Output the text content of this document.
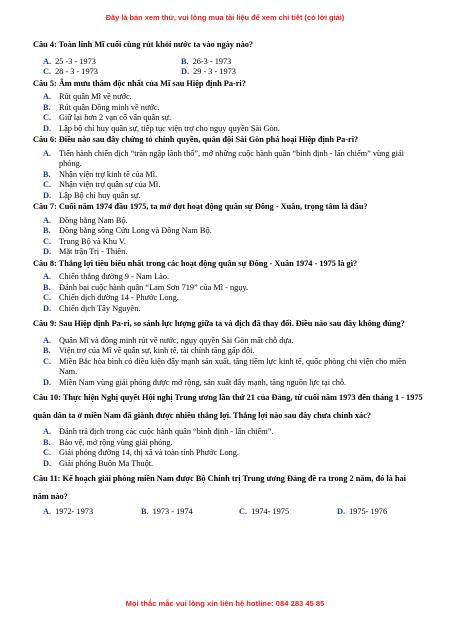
Đây là bản xem thử, vui lòng mua tài liệu để xem chi tiết (có lời giải)

Câu 4: Toàn lính Mĩ cuối cùng rút khỏi nước ta vào ngày nào?

A. 25 -3 - 1973	B. 26-3 - 1973
C. 28 - 3 - 1973	D. 29 - 3 - 1973

Câu 5: Âm mưu thâm độc nhất của Mĩ sau Hiệp định Pa-ri?

A. Rút quân Mĩ về nước.
B.	Rút quân Đồng minh về nước.
C. Giữ lại hơn 2 vạn cố vấn quân sự.
D. Lập bộ chỉ huy quân sự, tiếp tục viện trợ cho ngụy quyền Sài Gòn.

Câu 6: Điều nào sau đây chứng tỏ chính quyền, quân đội Sài Gòn phá hoại Hiệp định Pa-ri?

A. Tiến hành chiến dịch “tràn ngập lãnh thổ”, mở những cuộc hành quân “bình định - lấn chiếm” vùng giải phóng.
B.	Nhận viện trợ kinh tế của Mĩ.
C. Nhận viện trợ quân sự của Mĩ.
D. Lập Bộ chỉ huy quân sự.

Câu 7: Cuối năm 1974 đầu 1975, ta mở đợt hoạt động quân sự Đông - Xuân, trọng tâm là đâu?

A. Đồng bằng Nam Bộ.
B.	Đồng bằng sông Cửu Long và Đông Nam Bộ.
C. Trung Bộ và Khu V.
D. Mặt trận Trị - Thiên.

Câu 8: Thắng lợi tiêu biểu nhất trong các hoạt động quân sự Đông - Xuân 1974 - 1975 là gì?

A. Chiến thắng đường 9 - Nam Lào.
B.	Đánh bại cuộc hành quân “Lam Sơn 719” của Mĩ - ngụy.
C. Chiến dịch đường 14 - Phước Long.
D. Chiến dịch Tây Nguyên.

Câu 9: Sau Hiệp định Pa-ri, so sánh lực lượng giữa ta và địch đã thay đổi. Điều nào sau đây không đúng?

A. Quân Mĩ và đồng minh rút về nước, ngụy quyền Sài Gòn mất chỗ dựa.
B.	Viện trợ của Mĩ về quân sự, kinh tế, tài chính tăng gấp đôi.
C. Miền Bắc hòa bình có điều kiện đẩy mạnh sản xuất, tăng tiềm lực kinh tế, quốc phòng chi viện cho miền Nam.
D. Miền Nam vùng giải phóng được mở rộng, sản xuất đẩy mạnh, tăng nguồn lực tại chỗ.

Câu 10: Thực hiện Nghị quyết Hội nghị Trung ương lần thứ 21 của Đảng, từ cuối năm 1973 đến tháng 1 - 1975 quân dân ta ở miền Nam đã giành được nhiều thắng lợi. Thắng lợi nào sau đây chưa chính xác?

A. Đánh trả địch trong các cuộc hành quân “bình định - lấn chiếm”.
B.	Bảo vệ, mở rộng vùng giải phóng.
C. Giải phóng đường 14, thị xã và toàn tỉnh Phước Long.
D. Giải phóng Buôn Ma Thuột.

Câu 11: Kế hoạch giải phóng miền Nam được Bộ Chính trị Trung ương Đảng đề ra trong 2 năm, đó là hai năm nào?

A. 1972- 1973	B. 1973 - 1974	C. 1974- 1975	D. 1975- 1976
Mọi thắc mắc vui lòng xin liên hệ hotline: 084 283 45 85
